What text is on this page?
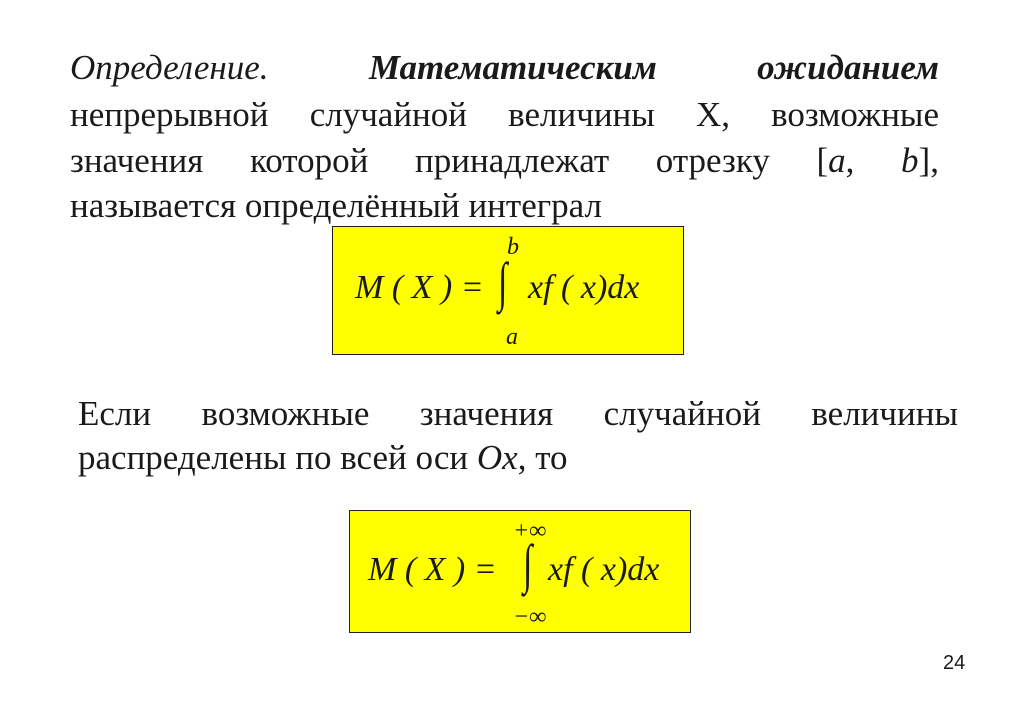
Определение.	Математическим	ожиданием
непрерывной случайной величины X, возможные
значения которой принадлежат отрезку [a, b],
называется определённый интеграл
M ( X ) =
b
∫
a
xf ( x)dx
Если возможные значения случайной величины
распределены по всей оси Ox, то
M ( X ) =
+∞
∫
−∞
xf ( x)dx
24
